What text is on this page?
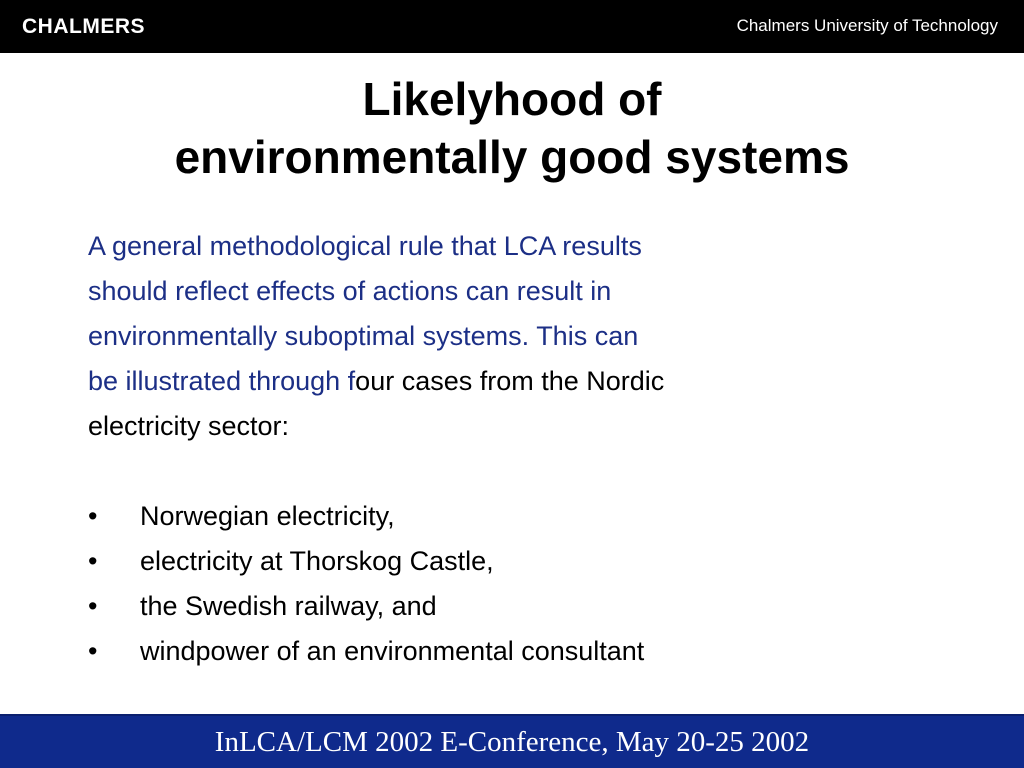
CHALMERS	Chalmers University of Technology
Likelyhood of
environmentally good systems
A general methodological rule that LCA results
should reflect effects of actions can result in
environmentally suboptimal systems. This can
be illustrated through four cases from the Nordic
electricity sector:
• Norwegian electricity,
• electricity at Thorskog Castle,
• the Swedish railway, and
• windpower of an environmental consultant
InLCA/LCM 2002 E-Conference, May 20-25 2002
